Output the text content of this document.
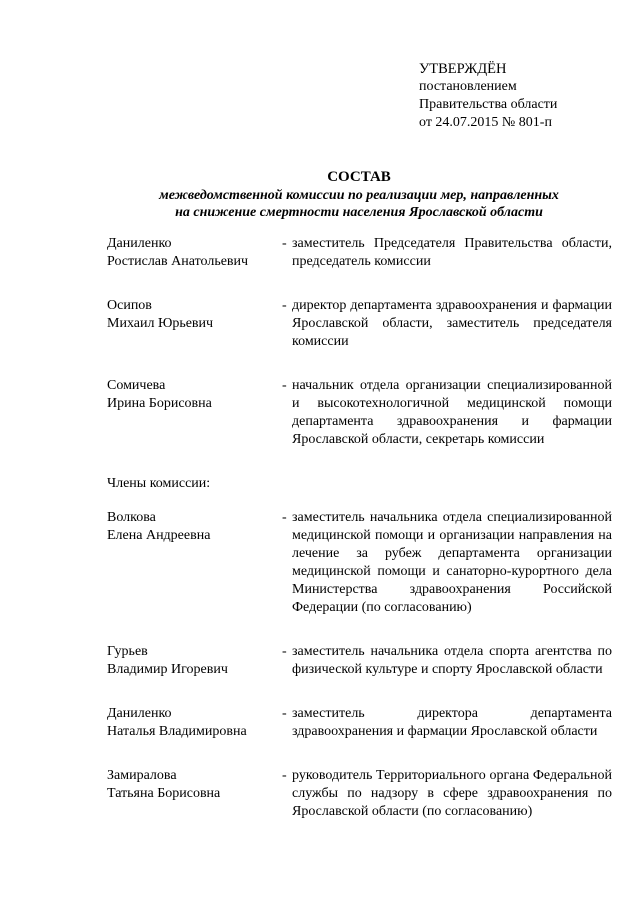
УТВЕРЖДЁН
постановлением
Правительства области
от 24.07.2015 № 801-п
СОСТАВ
межведомственной комиссии по реализации мер, направленных
на снижение смертности населения Ярославской области
Даниленко
Ростислав Анатольевич
- заместитель Председателя Правительства области, председатель комиссии
Осипов
Михаил Юрьевич
- директор департамента здравоохранения и фармации Ярославской области, заместитель председателя комиссии
Сомичева
Ирина Борисовна
- начальник отдела организации специализированной и высокотехнологичной медицинской помощи департамента здравоохранения и фармации Ярославской области, секретарь комиссии
Члены комиссии:
Волкова
Елена Андреевна
- заместитель начальника отдела специализированной медицинской помощи и организации направления на лечение за рубеж департамента организации медицинской помощи и санаторно-курортного дела Министерства здравоохранения Российской Федерации (по согласованию)
Гурьев
Владимир Игоревич
- заместитель начальника отдела спорта агентства по физической культуре и спорту Ярославской области
Даниленко
Наталья Владимировна
- заместитель директора департамента здравоохранения и фармации Ярославской области
Замиралова
Татьяна Борисовна
- руководитель Территориального органа Федеральной службы по надзору в сфере здравоохранения по Ярославской области (по согласованию)
